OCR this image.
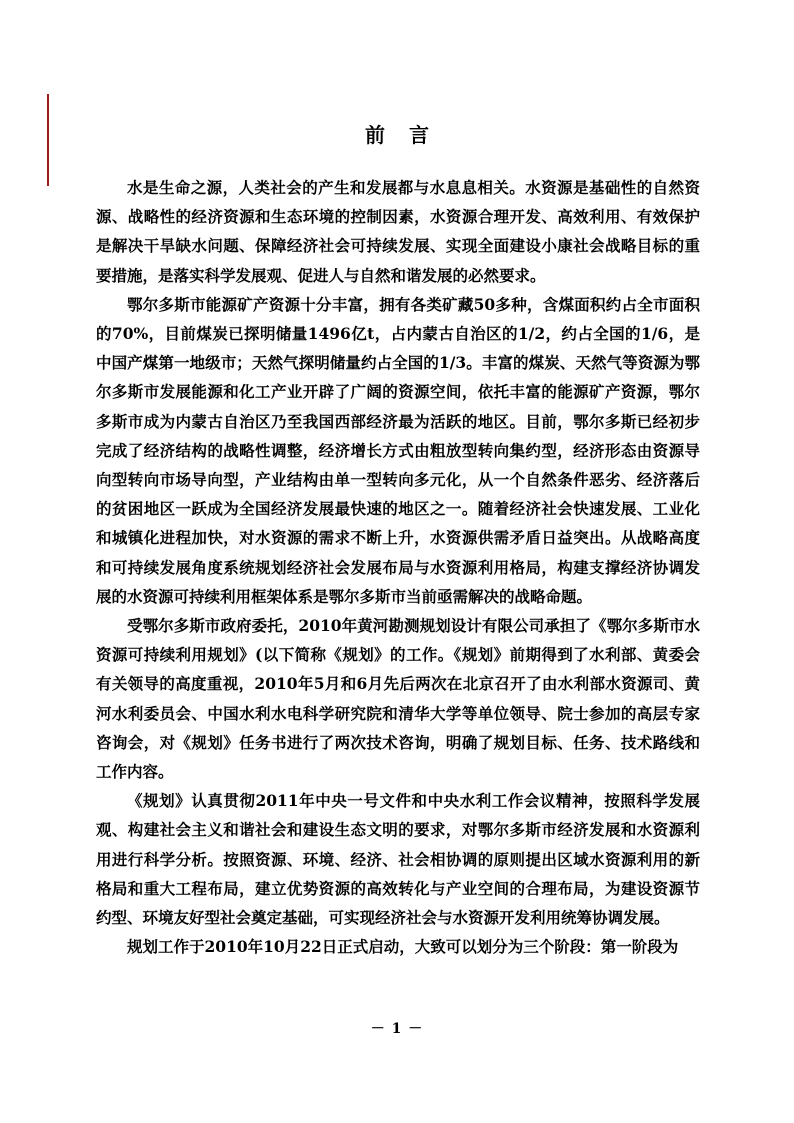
前言

水是生命之源，人类社会的产生和发展都与水息息相关。水资源是基础性的自然资源、战略性的经济资源和生态环境的控制因素，水资源合理开发、高效利用、有效保护是解决干旱缺水问题、保障经济社会可持续发展、实现全面建设小康社会战略目标的重要措施，是落实科学发展观、促进人与自然和谐发展的必然要求。

鄂尔多斯市能源矿产资源十分丰富，拥有各类矿藏50多种，含煤面积约占全市面积的70%，目前煤炭已探明储量1496亿t，占内蒙古自治区的1/2，约占全国的1/6，是中国产煤第一地级市；天然气探明储量约占全国的1/3。丰富的煤炭、天然气等资源为鄂尔多斯市发展能源和化工产业开辟了广阔的资源空间，依托丰富的能源矿产资源，鄂尔多斯市成为内蒙古自治区乃至我国西部经济最为活跃的地区。目前，鄂尔多斯已经初步完成了经济结构的战略性调整，经济增长方式由粗放型转向集约型，经济形态由资源导向型转向市场导向型，产业结构由单一型转向多元化，从一个自然条件恶劣、经济落后的贫困地区一跃成为全国经济发展最快速的地区之一。随着经济社会快速发展、工业化和城镇化进程加快，对水资源的需求不断上升，水资源供需矛盾日益突出。从战略高度和可持续发展角度系统规划经济社会发展布局与水资源利用格局，构建支撑经济协调发展的水资源可持续利用框架体系是鄂尔多斯市当前亟需解决的战略命题。

受鄂尔多斯市政府委托，2010年黄河勘测规划设计有限公司承担了《鄂尔多斯市水资源可持续利用规划》(以下简称《规划》的工作。《规划》前期得到了水利部、黄委会有关领导的高度重视，2010年5月和6月先后两次在北京召开了由水利部水资源司、黄河水利委员会、中国水利水电科学研究院和清华大学等单位领导、院士参加的高层专家咨询会，对《规划》任务书进行了两次技术咨询，明确了规划目标、任务、技术路线和工作内容。

《规划》认真贯彻2011年中央一号文件和中央水利工作会议精神，按照科学发展观、构建社会主义和谐社会和建设生态文明的要求，对鄂尔多斯市经济发展和水资源利用进行科学分析。按照资源、环境、经济、社会相协调的原则提出区域水资源利用的新格局和重大工程布局，建立优势资源的高效转化与产业空间的合理布局，为建设资源节约型、环境友好型社会奠定基础，可实现经济社会与水资源开发利用统筹协调发展。

规划工作于2010年10月22日正式启动，大致可以划分为三个阶段：第一阶段为

－ 1 －
